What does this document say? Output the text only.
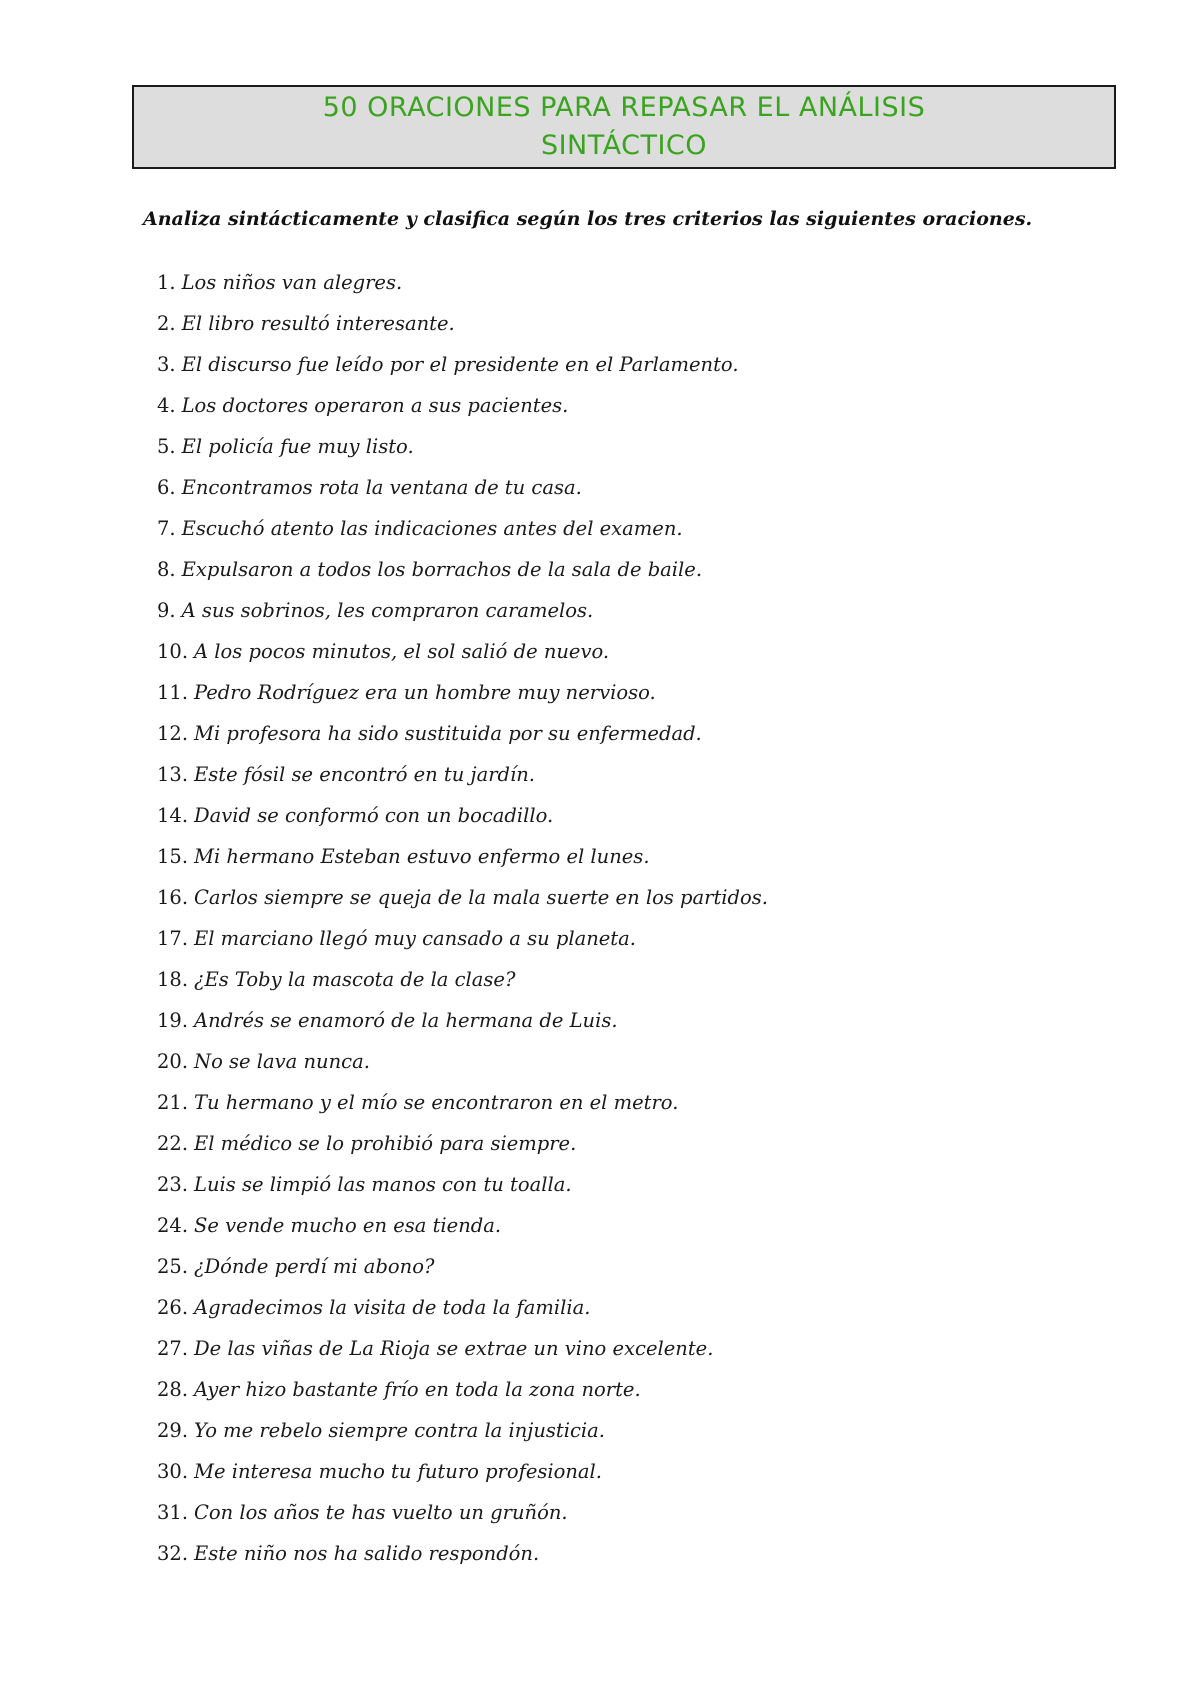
50 ORACIONES PARA REPASAR EL ANÁLISIS
SINTÁCTICO
Analiza sintácticamente y clasifica según los tres criterios las siguientes oraciones.
1. Los niños van alegres.
2. El libro resultó interesante.
3. El discurso fue leído por el presidente en el Parlamento.
4. Los doctores operaron a sus pacientes.
5. El policía fue muy listo.
6. Encontramos rota la ventana de tu casa.
7. Escuchó atento las indicaciones antes del examen.
8. Expulsaron a todos los borrachos de la sala de baile.
9. A sus sobrinos, les compraron caramelos.
10. A los pocos minutos, el sol salió de nuevo.
11. Pedro Rodríguez era un hombre muy nervioso.
12. Mi profesora ha sido sustituida por su enfermedad.
13. Este fósil se encontró en tu jardín.
14. David se conformó con un bocadillo.
15. Mi hermano Esteban estuvo enfermo el lunes.
16. Carlos siempre se queja de la mala suerte en los partidos.
17. El marciano llegó muy cansado a su planeta.
18. ¿Es Toby la mascota de la clase?
19. Andrés se enamoró de la hermana de Luis.
20. No se lava nunca.
21. Tu hermano y el mío se encontraron en el metro.
22. El médico se lo prohibió para siempre.
23. Luis se limpió las manos con tu toalla.
24. Se vende mucho en esa tienda.
25. ¿Dónde perdí mi abono?
26. Agradecimos la visita de toda la familia.
27. De las viñas de La Rioja se extrae un vino excelente.
28. Ayer hizo bastante frío en toda la zona norte.
29. Yo me rebelo siempre contra la injusticia.
30. Me interesa mucho tu futuro profesional.
31. Con los años te has vuelto un gruñón.
32. Este niño nos ha salido respondón.
